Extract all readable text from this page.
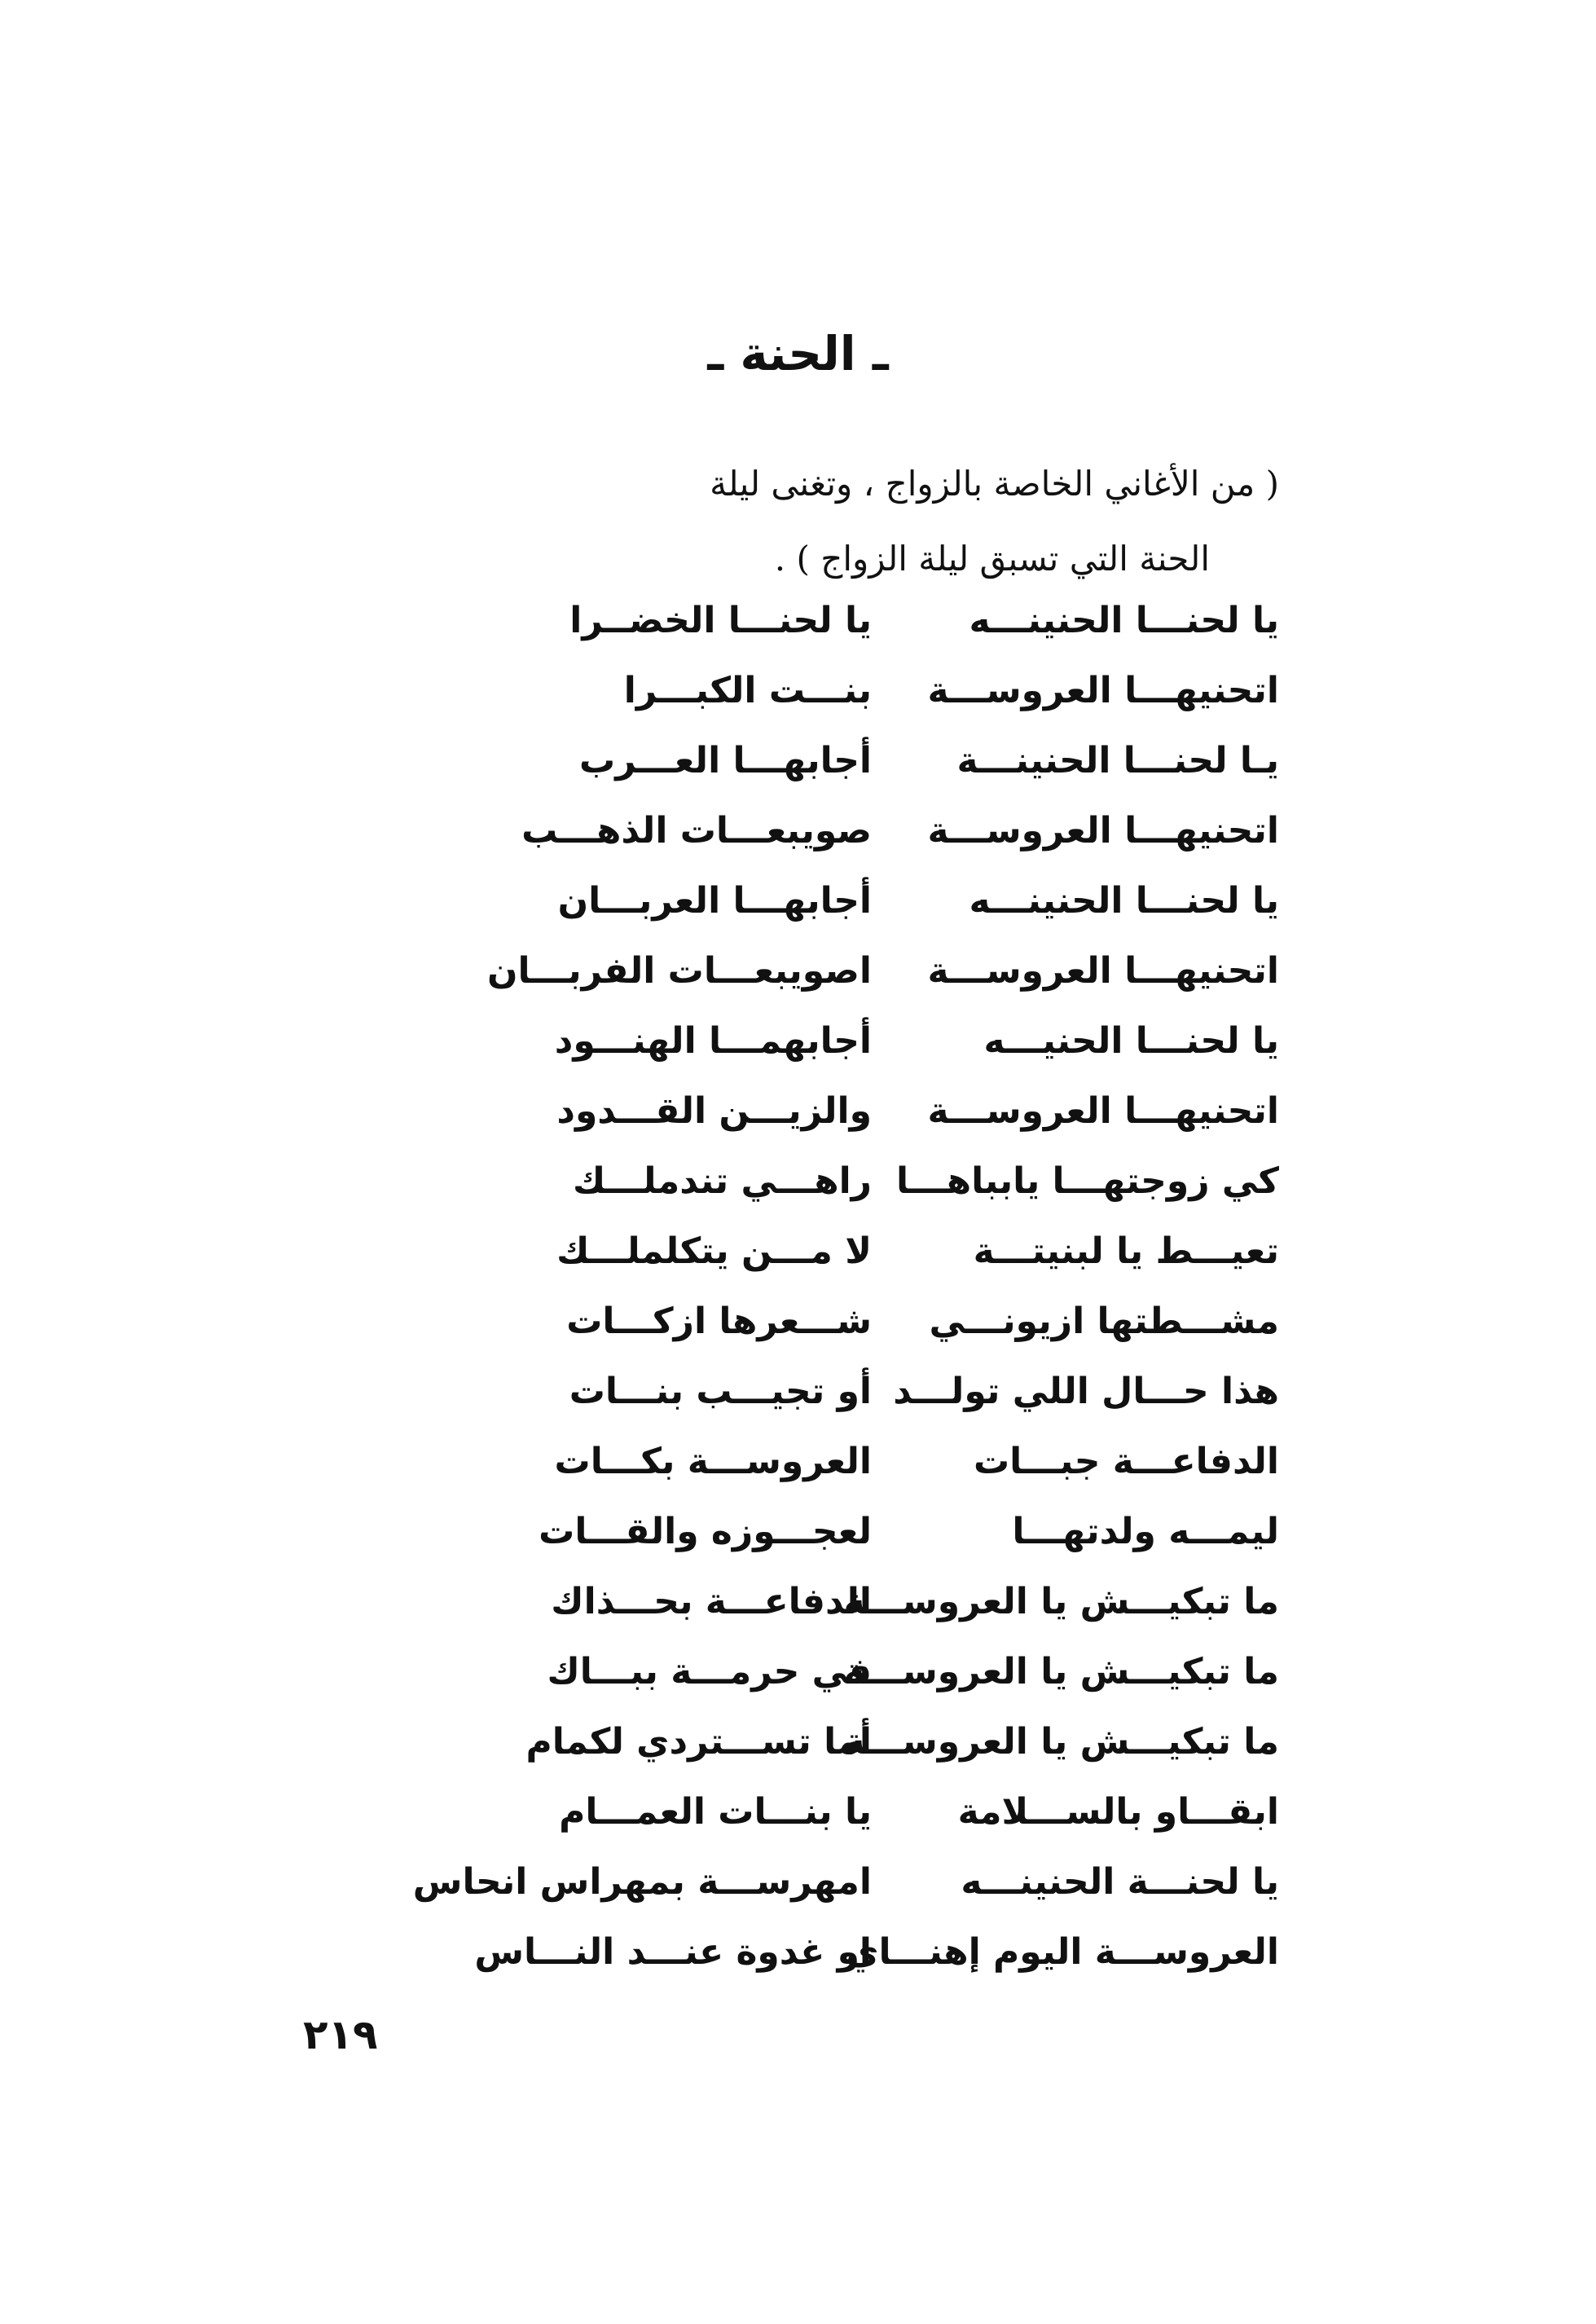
ـ الحنة ـ
( من الأغاني الخاصة بالزواج ، وتغنى ليلة
الحنة التي تسبق ليلة الزواج ) .
يا لحنـــا الحنينـــه
يا لحنـــا الخضــرا
اتحنيهـــا العروســـة
بنـــت الكبـــرا
يـا لحنـــا الحنينـــة
أجابهـــا العـــرب
اتحنيهـــا العروســـة
صويبعـــات الذهـــب
يا لحنـــا الحنينـــه
أجابهـــا العربـــان
اتحنيهـــا العروســـة
اصويبعـــات الفربـــان
يا لحنـــا الحنيـــه
أجابهمـــا الهنـــود
اتحنيهـــا العروســـة
والزيـــن القـــدود
كي زوجتهـــا يابباهـــا
راهـــي تندملـــك
تعيـــط يا لبنيتـــة
لا مـــن يتكلملـــك
مشـــطتها ازيونـــي
شـــعرها ازكـــات
هذا حـــال اللي تولـــد
أو تجيـــب بنـــات
الدفاعـــة جبـــات
العروســـة بكـــات
ليمـــه ولدتهـــا
لعجـــوزه والقـــات
ما تبكيـــش يا العروســـة
الدفاعـــة بحـــذاك
ما تبكيـــش يا العروســـة
في حرمـــة ببـــاك
ما تبكيـــش يا العروســـة
أما تســـتردي لكمام
ابقـــاو بالســـلامة
يا بنـــات العمـــام
يا لحنـــة الحنينـــه
امهرســـة بمهراس انحاس
العروســـة اليوم إهنـــاي
او غدوة عنـــد النـــاس
٢١٩
